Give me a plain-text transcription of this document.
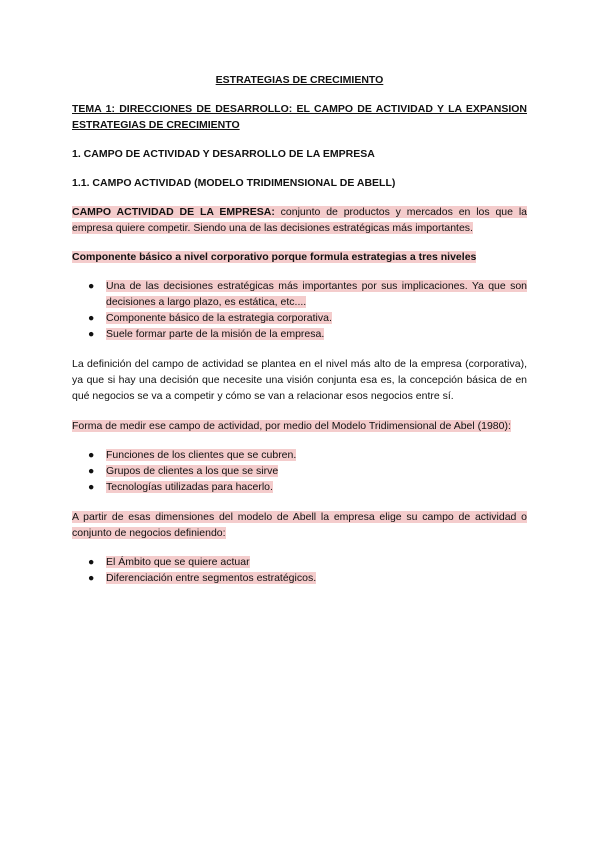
ESTRATEGIAS DE CRECIMIENTO
TEMA 1: DIRECCIONES DE DESARROLLO: EL CAMPO DE ACTIVIDAD Y LA EXPANSION ESTRATEGIAS DE CRECIMIENTO
1. CAMPO DE ACTIVIDAD Y DESARROLLO DE LA EMPRESA
1.1. CAMPO ACTIVIDAD (MODELO TRIDIMENSIONAL DE ABELL)
CAMPO ACTIVIDAD DE LA EMPRESA: conjunto de productos y mercados en los que la empresa quiere competir. Siendo una de las decisiones estratégicas más importantes.
Componente básico a nivel corporativo porque formula estrategias a tres niveles
● Una de las decisiones estratégicas más importantes por sus implicaciones. Ya que son decisiones a largo plazo, es estática, etc....
● Componente básico de la estrategia corporativa.
● Suele formar parte de la misión de la empresa.
La definición del campo de actividad se plantea en el nivel más alto de la empresa (corporativa), ya que si hay una decisión que necesite una visión conjunta esa es, la concepción básica de en qué negocios se va a competir y cómo se van a relacionar esos negocios entre sí.
Forma de medir ese campo de actividad, por medio del Modelo Tridimensional de Abel (1980):
● Funciones de los clientes que se cubren.
● Grupos de clientes a los que se sirve
● Tecnologías utilizadas para hacerlo.
A partir de esas dimensiones del modelo de Abell la empresa elige su campo de actividad o conjunto de negocios definiendo:
● El Ámbito que se quiere actuar
● Diferenciación entre segmentos estratégicos.
